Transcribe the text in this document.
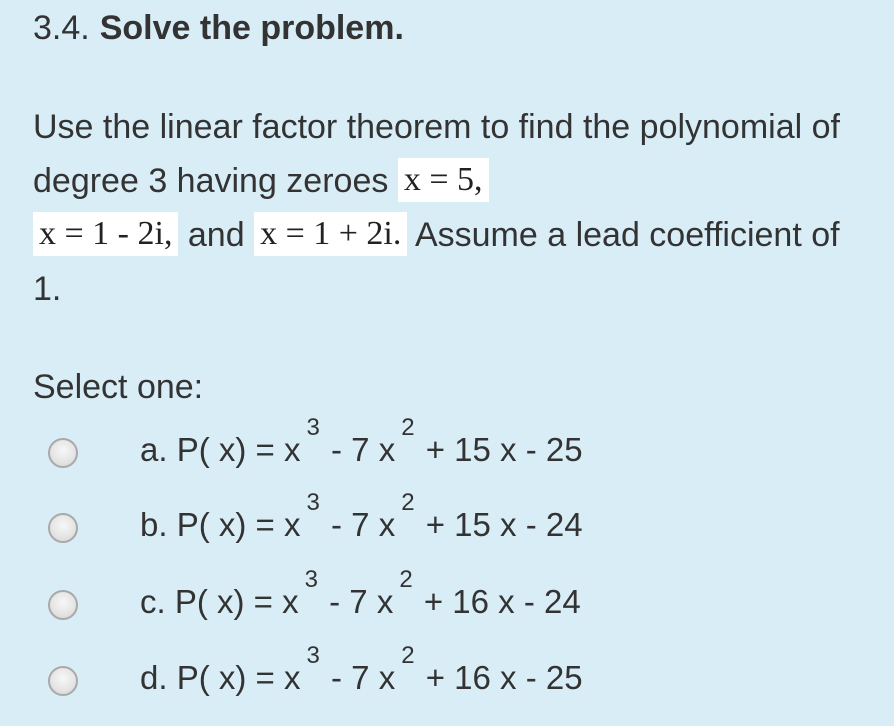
3.4. Solve the problem.
Use the linear factor theorem to find the polynomial of degree 3 having zeroes x = 5,
x = 1 - 2i, and x = 1 + 2i. Assume a lead coefficient of 1.
Select one:
a. P( x) = x3 - 7 x2 + 15 x - 25
b. P( x) = x3 - 7 x2 + 15 x - 24
c. P( x) = x3 - 7 x2 + 16 x - 24
d. P( x) = x3 - 7 x2 + 16 x - 25
